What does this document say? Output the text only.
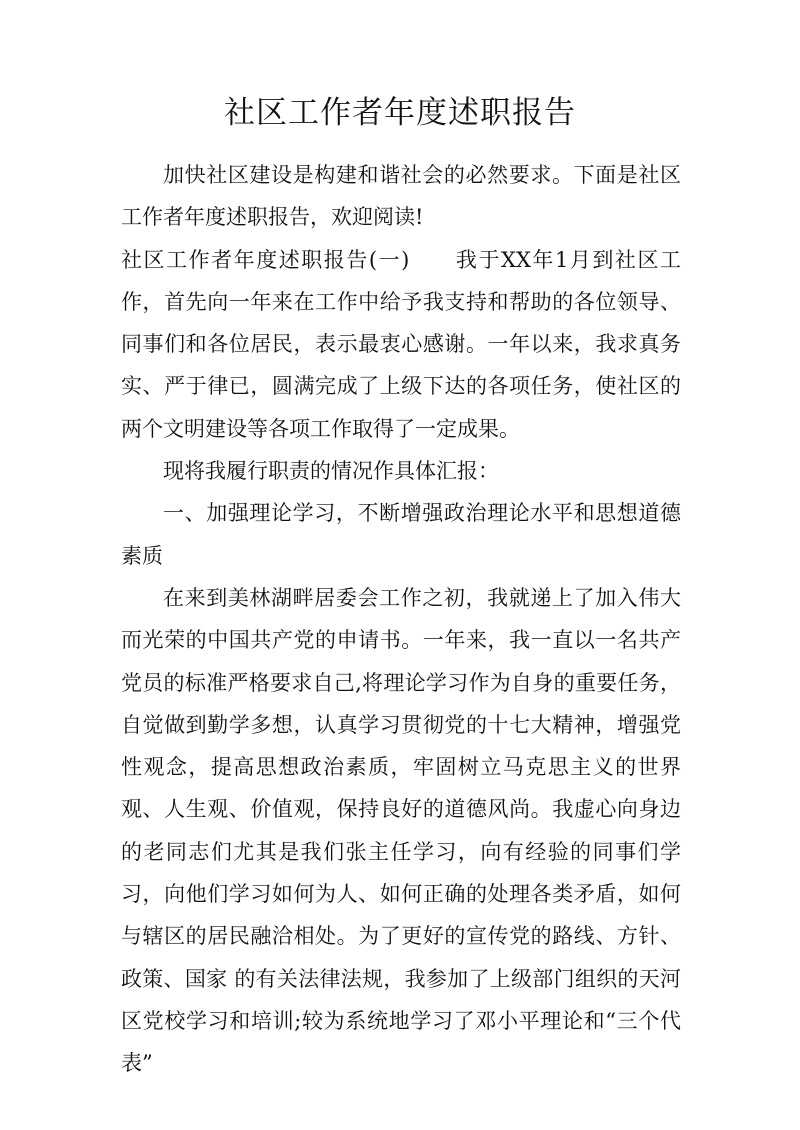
社区工作者年度述职报告

加快社区建设是构建和谐社会的必然要求。下面是社区工作者年度述职报告，欢迎阅读!

社区工作者年度述职报告(一)　　我于XX年1月到社区工作，首先向一年来在工作中给予我支持和帮助的各位领导、同事们和各位居民，表示最衷心感谢。一年以来，我求真务实、严于律已，圆满完成了上级下达的各项任务，使社区的两个文明建设等各项工作取得了一定成果。

现将我履行职责的情况作具体汇报：

一、加强理论学习，不断增强政治理论水平和思想道德素质

在来到美林湖畔居委会工作之初，我就递上了加入伟大而光荣的中国共产党的申请书。一年来，我一直以一名共产党员的标准严格要求自己,将理论学习作为自身的重要任务，自觉做到勤学多想，认真学习贯彻党的十七大精神，增强党性观念，提高思想政治素质，牢固树立马克思主义的世界观、人生观、价值观，保持良好的道德风尚。我虚心向身边的老同志们尤其是我们张主任学习，向有经验的同事们学习，向他们学习如何为人、如何正确的处理各类矛盾，如何与辖区的居民融洽相处。为了更好的宣传党的路线、方针、政策、国家 的有关法律法规，我参加了上级部门组织的天河区党校学习和培训;较为系统地学习了邓小平理论和“三个代表”
